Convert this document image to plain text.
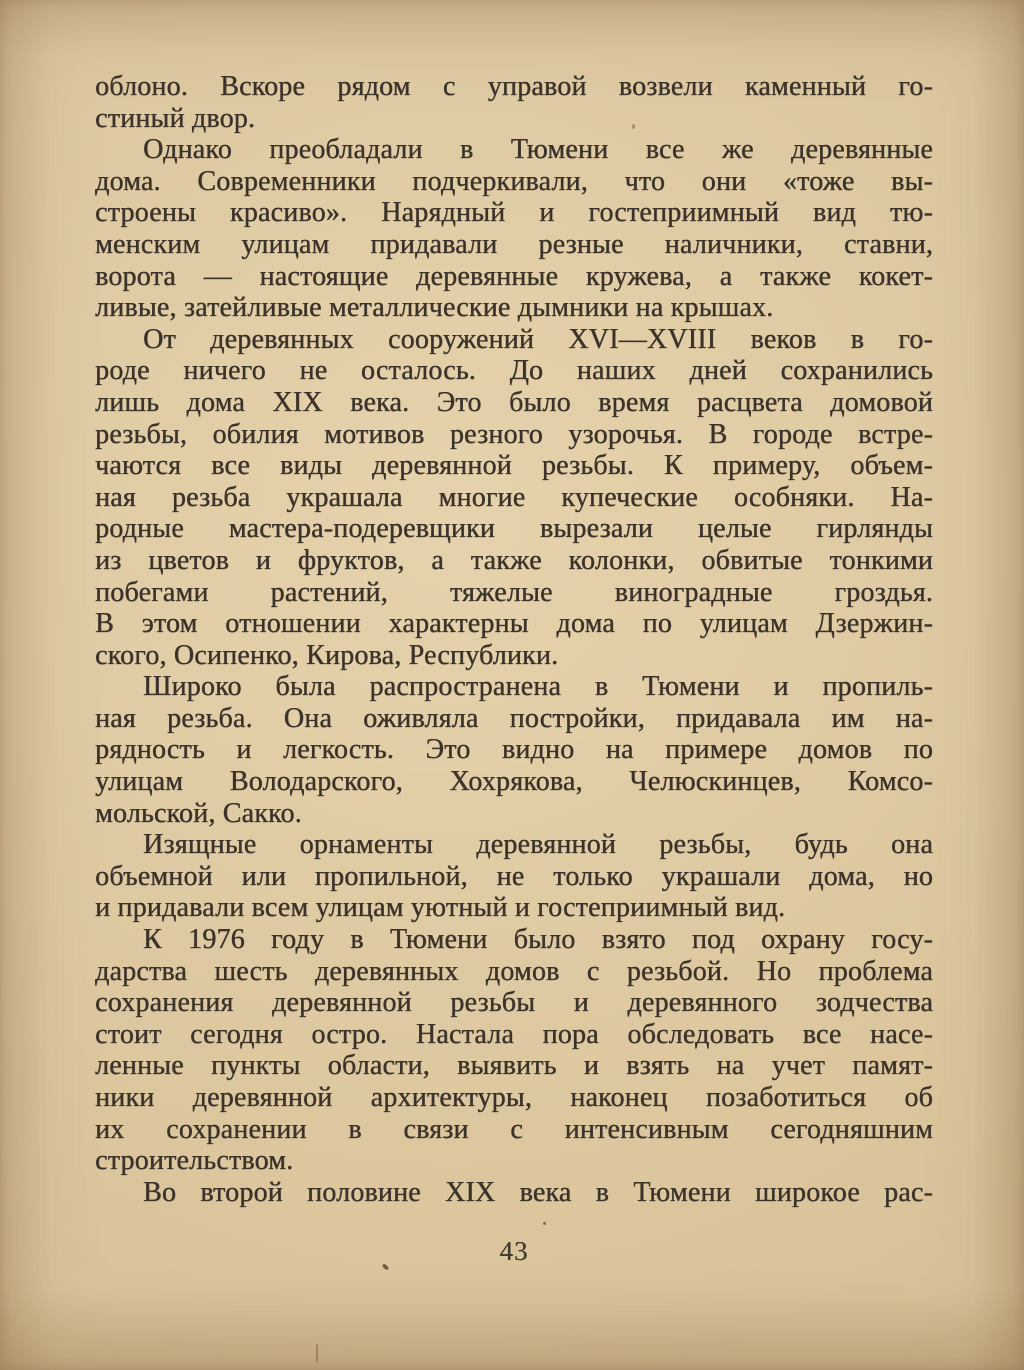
облоно. Вскоре рядом с управой возвели каменный го-
стиный двор.
Однако преобладали в Тюмени все же деревянные
дома. Современники подчеркивали, что они «тоже вы-
строены красиво». Нарядный и гостеприимный вид тю-
менским улицам придавали резные наличники, ставни,
ворота — настоящие деревянные кружева, а также кокет-
ливые, затейливые металлические дымники на крышах.
От деревянных сооружений XVI—XVIII веков в го-
роде ничего не осталось. До наших дней сохранились
лишь дома XIX века. Это было время расцвета домовой
резьбы, обилия мотивов резного узорочья. В городе встре-
чаются все виды деревянной резьбы. К примеру, объем-
ная резьба украшала многие купеческие особняки. На-
родные мастера-подеревщики вырезали целые гирлянды
из цветов и фруктов, а также колонки, обвитые тонкими
побегами растений, тяжелые виноградные гроздья.
В этом отношении характерны дома по улицам Дзержин-
ского, Осипенко, Кирова, Республики.
Широко была распространена в Тюмени и пропиль-
ная резьба. Она оживляла постройки, придавала им на-
рядность и легкость. Это видно на примере домов по
улицам Володарского, Хохрякова, Челюскинцев, Комсо-
мольской, Сакко.
Изящные орнаменты деревянной резьбы, будь она
объемной или пропильной, не только украшали дома, но
и придавали всем улицам уютный и гостеприимный вид.
К 1976 году в Тюмени было взято под охрану госу-
дарства шесть деревянных домов с резьбой. Но проблема
сохранения деревянной резьбы и деревянного зодчества
стоит сегодня остро. Настала пора обследовать все насе-
ленные пункты области, выявить и взять на учет памят-
ники деревянной архитектуры, наконец позаботиться об
их сохранении в связи с интенсивным сегодняшним
строительством.
Во второй половине XIX века в Тюмени широкое рас-
43
